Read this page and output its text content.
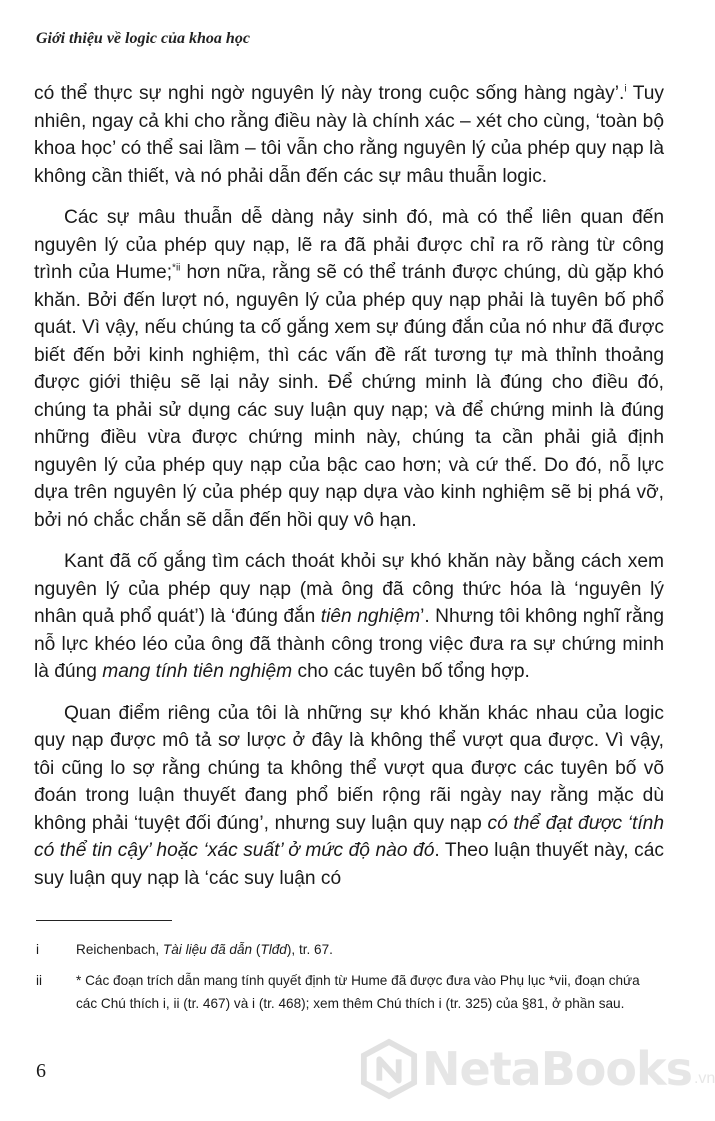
Giới thiệu về logic của khoa học

có thể thực sự nghi ngờ nguyên lý này trong cuộc sống hàng ngày’.$^i$ Tuy nhiên, ngay cả khi cho rằng điều này là chính xác – xét cho cùng, ‘toàn bộ khoa học’ có thể sai lầm – tôi vẫn cho rằng nguyên lý của phép quy nạp là không cần thiết, và nó phải dẫn đến các sự mâu thuẫn logic.

Các sự mâu thuẫn dễ dàng nảy sinh đó, mà có thể liên quan đến nguyên lý của phép quy nạp, lẽ ra đã phải được chỉ ra rõ ràng từ công trình của Hume;$^{*ii}$ hơn nữa, rằng sẽ có thể tránh được chúng, dù gặp khó khăn. Bởi đến lượt nó, nguyên lý của phép quy nạp phải là tuyên bố phổ quát. Vì vậy, nếu chúng ta cố gắng xem sự đúng đắn của nó như đã được biết đến bởi kinh nghiệm, thì các vấn đề rất tương tự mà thỉnh thoảng được giới thiệu sẽ lại nảy sinh. Để chứng minh là đúng cho điều đó, chúng ta phải sử dụng các suy luận quy nạp; và để chứng minh là đúng những điều vừa được chứng minh này, chúng ta cần phải giả định nguyên lý của phép quy nạp của bậc cao hơn; và cứ thế. Do đó, nỗ lực dựa trên nguyên lý của phép quy nạp dựa vào kinh nghiệm sẽ bị phá vỡ, bởi nó chắc chắn sẽ dẫn đến hồi quy vô hạn.

Kant đã cố gắng tìm cách thoát khỏi sự khó khăn này bằng cách xem nguyên lý của phép quy nạp (mà ông đã công thức hóa là ‘nguyên lý nhân quả phổ quát’) là ‘đúng đắn tiên nghiệm’. Nhưng tôi không nghĩ rằng nỗ lực khéo léo của ông đã thành công trong việc đưa ra sự chứng minh là đúng mang tính tiên nghiệm cho các tuyên bố tổng hợp.

Quan điểm riêng của tôi là những sự khó khăn khác nhau của logic quy nạp được mô tả sơ lược ở đây là không thể vượt qua được. Vì vậy, tôi cũng lo sợ rằng chúng ta không thể vượt qua được các tuyên bố võ đoán trong luận thuyết đang phổ biến rộng rãi ngày nay rằng mặc dù không phải ‘tuyệt đối đúng’, nhưng suy luận quy nạp có thể đạt được ‘tính có thể tin cậy’ hoặc ‘xác suất’ ở mức độ nào đó. Theo luận thuyết này, các suy luận quy nạp là ‘các suy luận có

i	Reichenbach, Tài liệu đã dẫn (Tlđd), tr. 67.
ii	* Các đoạn trích dẫn mang tính quyết định từ Hume đã được đưa vào Phụ lục *vii, đoạn chứa các Chú thích i, ii (tr. 467) và i (tr. 468); xem thêm Chú thích i (tr. 325) của §81, ở phần sau.
6	NetaBooks .vn
